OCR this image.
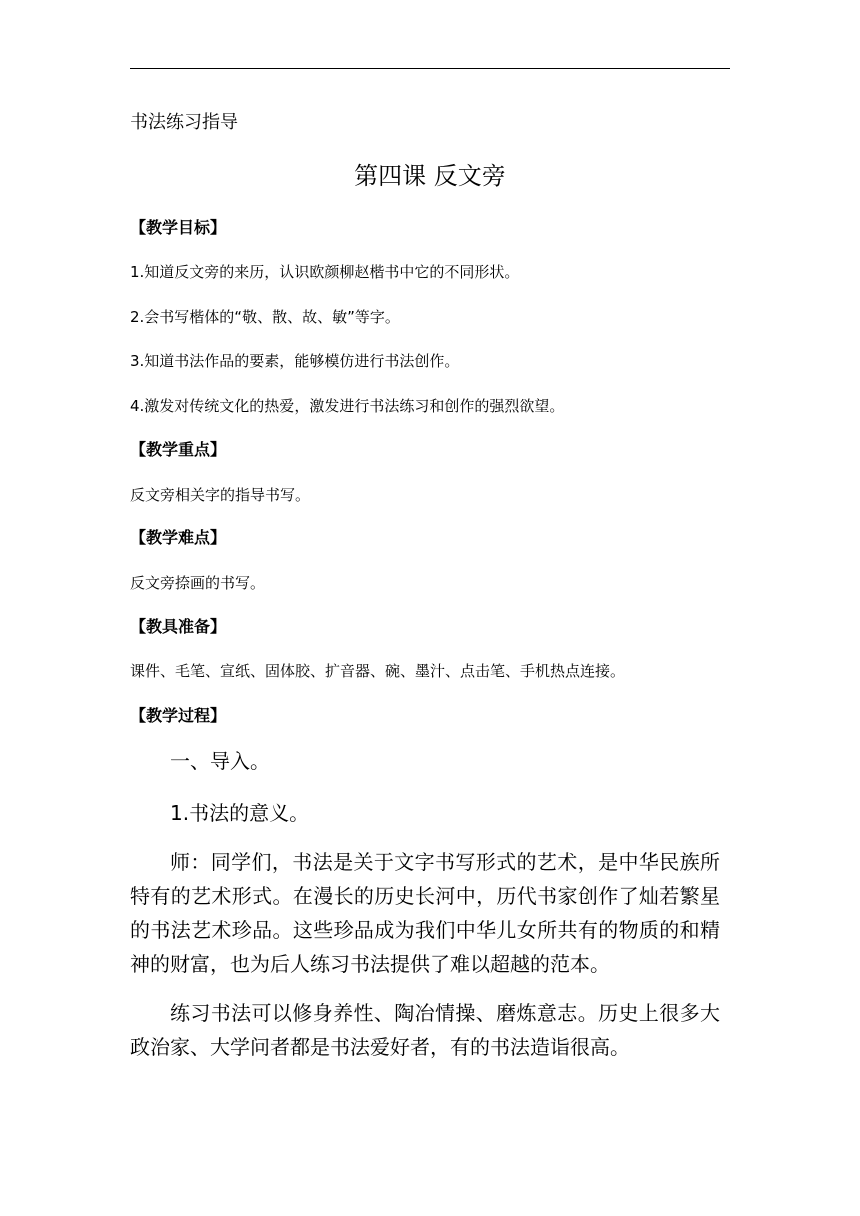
书法练习指导
第四课 反文旁
【教学目标】
1.知道反文旁的来历，认识欧颜柳赵楷书中它的不同形状。
2.会书写楷体的“敬、散、故、敏”等字。
3.知道书法作品的要素，能够模仿进行书法创作。
4.激发对传统文化的热爱，激发进行书法练习和创作的强烈欲望。
【教学重点】
反文旁相关字的指导书写。
【教学难点】
反文旁捺画的书写。
【教具准备】
课件、毛笔、宣纸、固体胶、扩音器、碗、墨汁、点击笔、手机热点连接。
【教学过程】
一、导入。
1.书法的意义。

师：同学们，书法是关于文字书写形式的艺术，是中华民族所特有的艺术形式。在漫长的历史长河中，历代书家创作了灿若繁星的书法艺术珍品。这些珍品成为我们中华儿女所共有的物质的和精神的财富，也为后人练习书法提供了难以超越的范本。

练习书法可以修身养性、陶冶情操、磨炼意志。历史上很多大政治家、大学问者都是书法爱好者，有的书法造诣很高。
